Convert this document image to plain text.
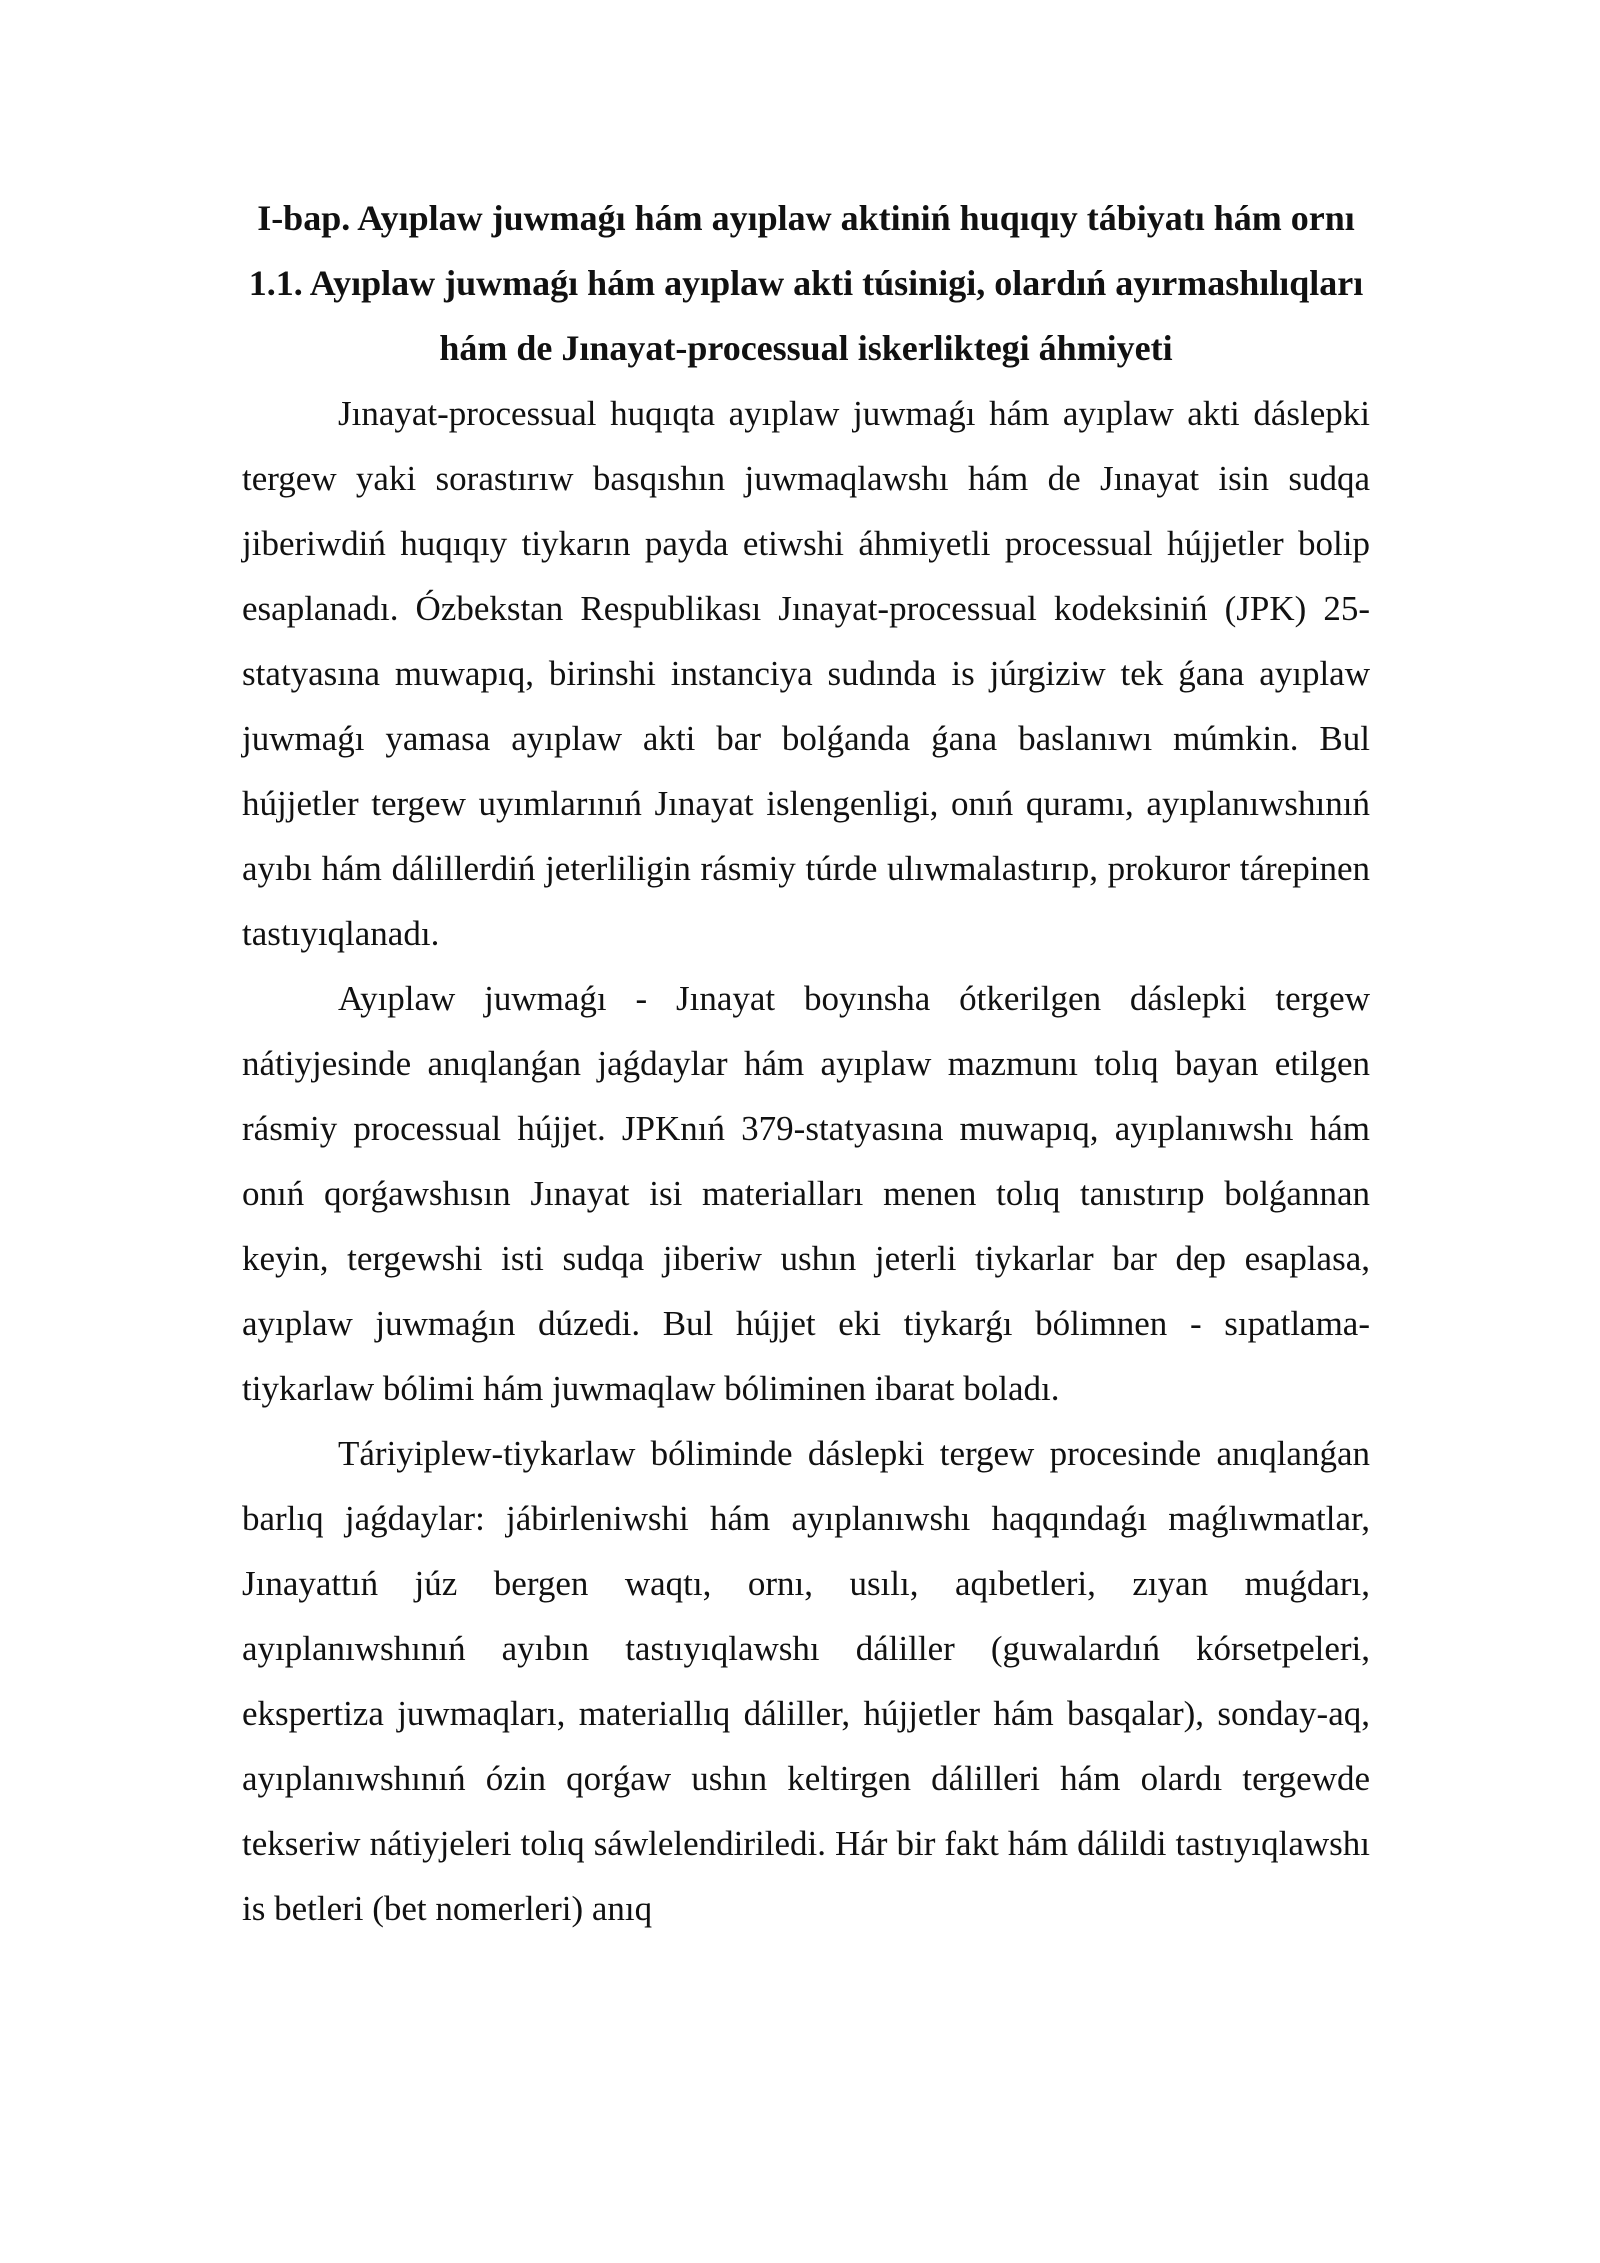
I-bap. Ayıplaw juwmaǵı hám ayıplaw aktiniń huqıqıy tábiyatı hám ornı
1.1. Ayıplaw juwmaǵı hám ayıplaw akti túsinigi, olardıń ayırmashılıqları hám de Jınayat-processual iskerliktegi áhmiyeti

Jınayat-processual huqıqta ayıplaw juwmaǵı hám ayıplaw akti dáslepki tergew yaki sorastırıw basqıshın juwmaqlawshı hám de Jınayat isin sudqa jiberiwdiń huqıqıy tiykarın payda etiwshi áhmiyetli processual hújjetler bolip esaplanadı. Ózbekstan Respublikası Jınayat-processual kodeksiniń (JPK) 25-statyasına muwapıq, birinshi instanciya sudında is júrgiziw tek ǵana ayıplaw juwmaǵı yamasa ayıplaw akti bar bolǵanda ǵana baslanıwı múmkin. Bul hújjetler tergew uyımlarınıń Jınayat islengenligi, onıń quramı, ayıplanıwshınıń ayıbı hám dálillerdiń jeterliligin rásmiy túrde ulıwmalastırıp, prokuror tárepinen tastıyıqlanadı.

Ayıplaw juwmaǵı - Jınayat boyınsha ótkerilgen dáslepki tergew nátiyjesinde anıqlanǵan jaǵdaylar hám ayıplaw mazmunı tolıq bayan etilgen rásmiy processual hújjet. JPKnıń 379-statyasına muwapıq, ayıplanıwshı hám onıń qorǵawshısın Jınayat isi materialları menen tolıq tanıstırıp bolǵannan keyin, tergewshi isti sudqa jiberiw ushın jeterli tiykarlar bar dep esaplasa, ayıplaw juwmaǵın dúzedi. Bul hújjet eki tiykarǵı bólimnen - sıpatlama-tiykarlaw bólimi hám juwmaqlaw bóliminen ibarat boladı.

Táriyiplew-tiykarlaw bóliminde dáslepki tergew procesinde anıqlanǵan barlıq jaǵdaylar: jábirleniwshi hám ayıplanıwshı haqqındaǵı maǵlıwmatlar, Jınayattıń júz bergen waqtı, ornı, usılı, aqıbetleri, zıyan muǵdarı, ayıplanıwshınıń ayıbın tastıyıqlawshı dáliller (guwalardıń kórsetpeleri, ekspertiza juwmaqları, materiallıq dáliller, hújjetler hám basqalar), sonday-aq, ayıplanıwshınıń ózin qorǵaw ushın keltirgen dálilleri hám olardı tergewde tekseriw nátiyjeleri tolıq sáwlelendiriledi. Hár bir fakt hám dálildi tastıyıqlawshı is betleri (bet nomerleri) anıq
